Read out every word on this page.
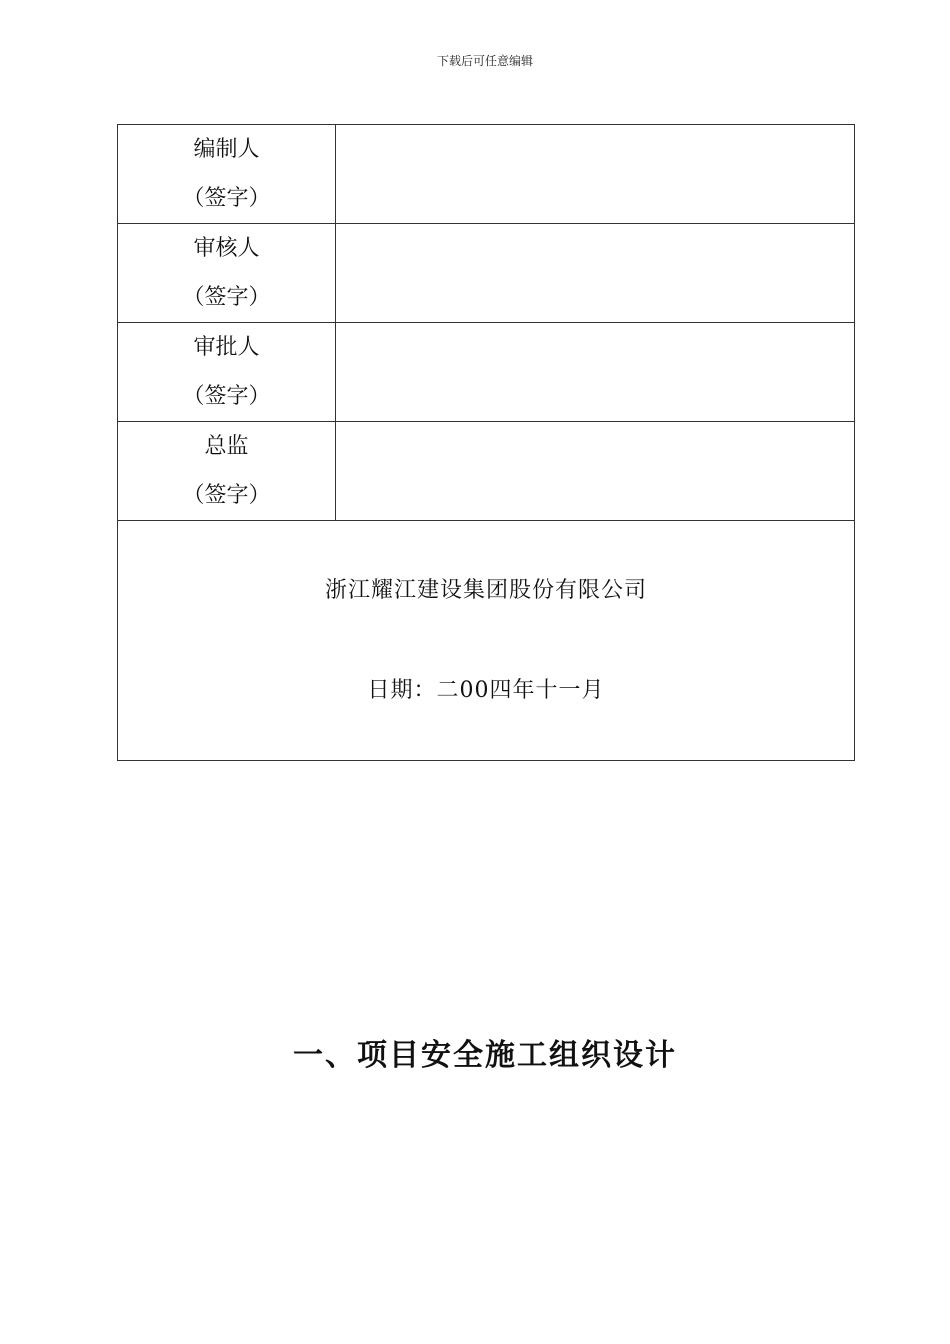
下载后可任意编辑
编制人
（签字）	

审核人
（签字）	

审批人
（签字）	

总监
（签字）	

浙江耀江建设集团股份有限公司
日期：二00四年十一月	
一、项目安全施工组织设计
